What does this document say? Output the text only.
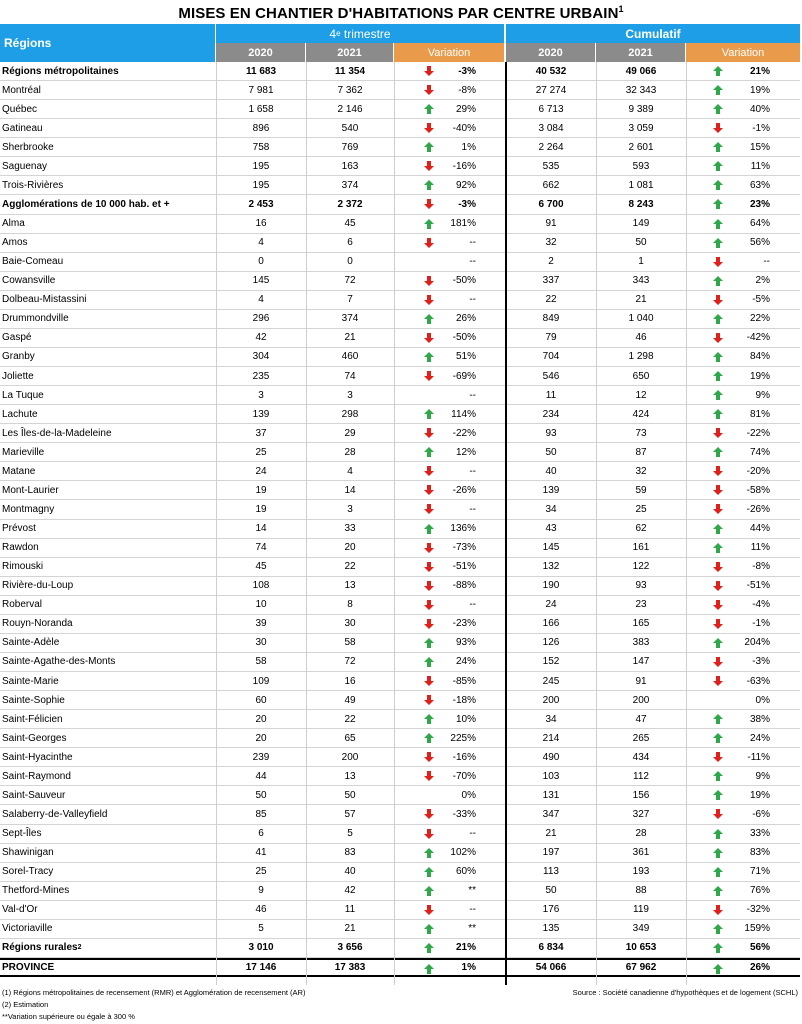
MISES EN CHANTIER D'HABITATIONS PAR CENTRE URBAIN$^1$
Régions
4 e trimestre	Cumulatif
2020	2021	Variation	2020	2021	Variation
Régions métropolitaines	11 683	11 354	-3%	40 532	49 066	21%
Montréal	7 981	7 362	-8%	27 274	32 343	19%
Québec	1 658	2 146	29%	6 713	9 389	40%
Gatineau	896	540	-40%	3 084	3 059	-1%
Sherbrooke	758	769	1%	2 264	2 601	15%
Saguenay	195	163	-16%	535	593	11%
Trois-Rivières	195	374	92%	662	1 081	63%
Agglomérations de 10 000 hab. et +	2 453	2 372	-3%	6 700	8 243	23%
Alma	16	45	181%	91	149	64%
Amos	4	6	--	32	50	56%
Baie-Comeau	0	0	--	2	1	--
Cowansville	145	72	-50%	337	343	2%
Dolbeau-Mistassini	4	7	--	22	21	-5%
Drummondville	296	374	26%	849	1 040	22%
Gaspé	42	21	-50%	79	46	-42%
Granby	304	460	51%	704	1 298	84%
Joliette	235	74	-69%	546	650	19%
La Tuque	3	3	--	11	12	9%
Lachute	139	298	114%	234	424	81%
Les Îles-de-la-Madeleine	37	29	-22%	93	73	-22%
Marieville	25	28	12%	50	87	74%
Matane	24	4	--	40	32	-20%
Mont-Laurier	19	14	-26%	139	59	-58%
Montmagny	19	3	--	34	25	-26%
Prévost	14	33	136%	43	62	44%
Rawdon	74	20	-73%	145	161	11%
Rimouski	45	22	-51%	132	122	-8%
Rivière-du-Loup	108	13	-88%	190	93	-51%
Roberval	10	8	--	24	23	-4%
Rouyn-Noranda	39	30	-23%	166	165	-1%
Sainte-Adèle	30	58	93%	126	383	204%
Sainte-Agathe-des-Monts	58	72	24%	152	147	-3%
Sainte-Marie	109	16	-85%	245	91	-63%
Sainte-Sophie	60	49	-18%	200	200	0%
Saint-Félicien	20	22	10%	34	47	38%
Saint-Georges	20	65	225%	214	265	24%
Saint-Hyacinthe	239	200	-16%	490	434	-11%
Saint-Raymond	44	13	-70%	103	112	9%
Saint-Sauveur	50	50	0%	131	156	19%
Salaberry-de-Valleyfield	85	57	-33%	347	327	-6%
Sept-Îles	6	5	--	21	28	33%
Shawinigan	41	83	102%	197	361	83%
Sorel-Tracy	25	40	60%	113	193	71%
Thetford-Mines	9	42	**	50	88	76%
Val-d'Or	46	11	--	176	119	-32%
Victoriaville	5	21	**	135	349	159%
Régions rurales 2	3 010	3 656	21%	6 834	10 653	56%
PROVINCE	17 146	17 383	1%	54 066	67 962	26%
(1) Régions métropolitaines de recensement (RMR) et Agglomération de recensement (AR)
(2) Estimation
**Variation supérieure ou égale à 300 %
Source : Société canadienne d'hypothèques et de logement (SCHL)
